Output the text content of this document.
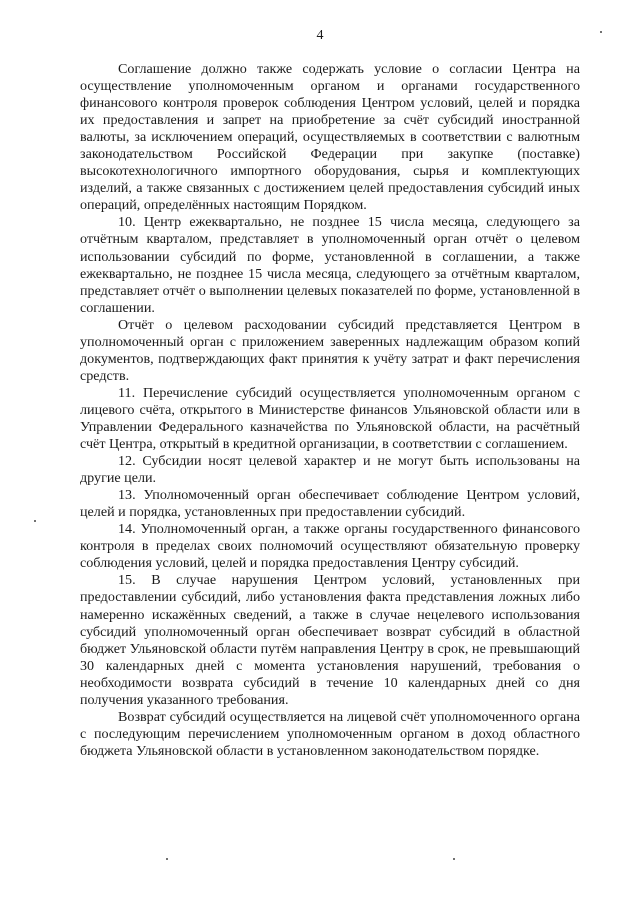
4

Соглашение должно также содержать условие о согласии Центра на осуществление уполномоченным органом и органами государственного финансового контроля проверок соблюдения Центром условий, целей и порядка их предоставления и запрет на приобретение за счёт субсидий иностранной валюты, за исключением операций, осуществляемых в соответствии с валютным законодательством Российской Федерации при закупке (поставке) высокотехнологичного импортного оборудования, сырья и комплектующих изделий, а также связанных с достижением целей предоставления субсидий иных операций, определённых настоящим Порядком.

10. Центр ежеквартально, не позднее 15 числа месяца, следующего за отчётным кварталом, представляет в уполномоченный орган отчёт о целевом использовании субсидий по форме, установленной в соглашении, а также ежеквартально, не позднее 15 числа месяца, следующего за отчётным кварталом, представляет отчёт о выполнении целевых показателей по форме, установленной в соглашении.

Отчёт о целевом расходовании субсидий представляется Центром в уполномоченный орган с приложением заверенных надлежащим образом копий документов, подтверждающих факт принятия к учёту затрат и факт перечисления средств.

11. Перечисление субсидий осуществляется уполномоченным органом с лицевого счёта, открытого в Министерстве финансов Ульяновской области или в Управлении Федерального казначейства по Ульяновской области, на расчётный счёт Центра, открытый в кредитной организации, в соответствии с соглашением.

12. Субсидии носят целевой характер и не могут быть использованы на другие цели.

13. Уполномоченный орган обеспечивает соблюдение Центром условий, целей и порядка, установленных при предоставлении субсидий.

14. Уполномоченный орган, а также органы государственного финансового контроля в пределах своих полномочий осуществляют обязательную проверку соблюдения условий, целей и порядка предоставления Центру субсидий.

15. В случае нарушения Центром условий, установленных при предоставлении субсидий, либо установления факта представления ложных либо намеренно искажённых сведений, а также в случае нецелевого использования субсидий уполномоченный орган обеспечивает возврат субсидий в областной бюджет Ульяновской области путём направления Центру в срок, не превышающий 30 календарных дней с момента установления нарушений, требования о необходимости возврата субсидий в течение 10 календарных дней со дня получения указанного требования.

Возврат субсидий осуществляется на лицевой счёт уполномоченного органа с последующим перечислением уполномоченным органом в доход областного бюджета Ульяновской области в установленном законодательством порядке.
